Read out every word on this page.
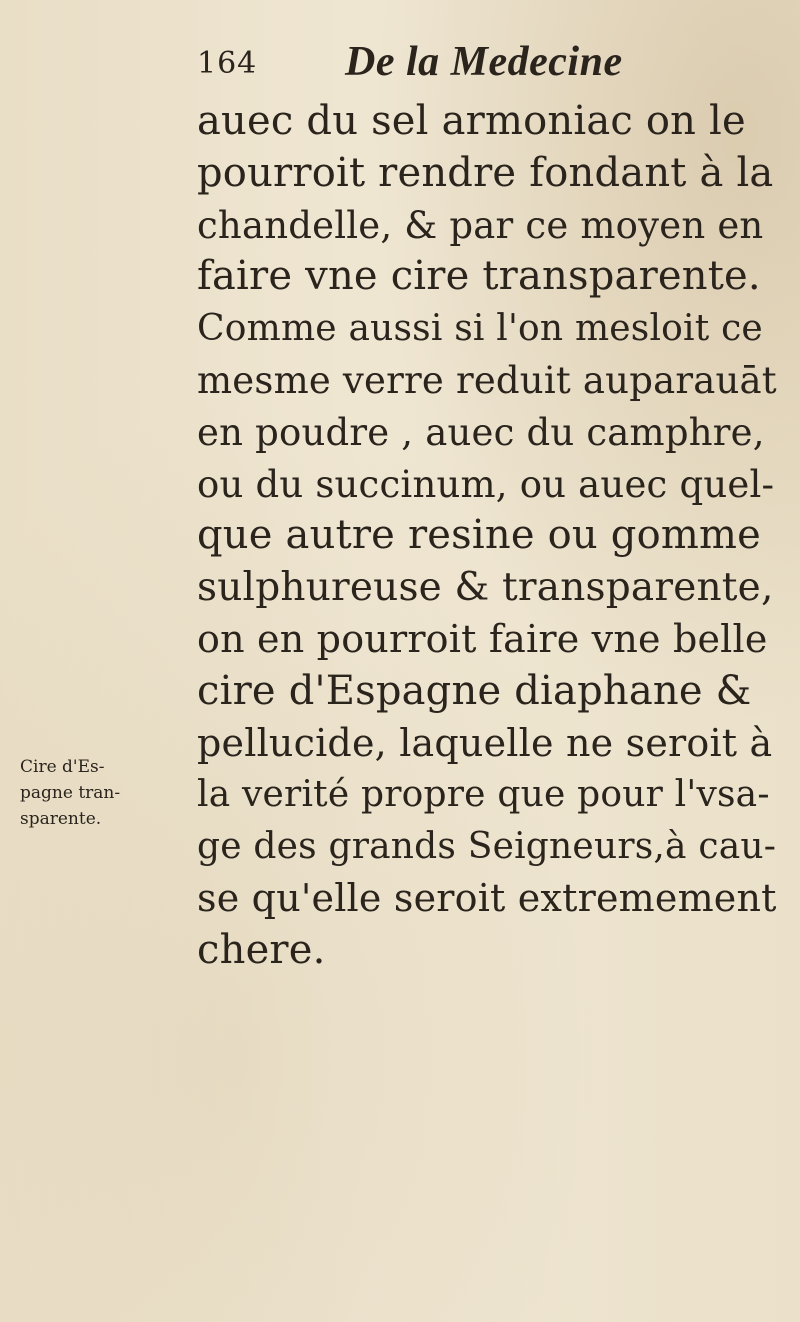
164 De la Medecine
auec du sel armoniac on le
pourroit rendre fondant à la
chandelle, & par ce moyen en
faire vne cire transparente.
Comme aussi si l'on mesloit ce
mesme verre reduit auparauāt
en poudre , auec du camphre,
ou du succinum, ou auec quel-
que autre resine ou gomme
sulphureuse & transparente,
on en pourroit faire vne belle
cire d'Espagne diaphane &
pellucide, laquelle ne seroit à
la verité propre que pour l'vsa-
ge des grands Seigneurs,à cau-
se qu'elle seroit extremement
chere.
Cire d'Es-
pagne tran-
sparente.
